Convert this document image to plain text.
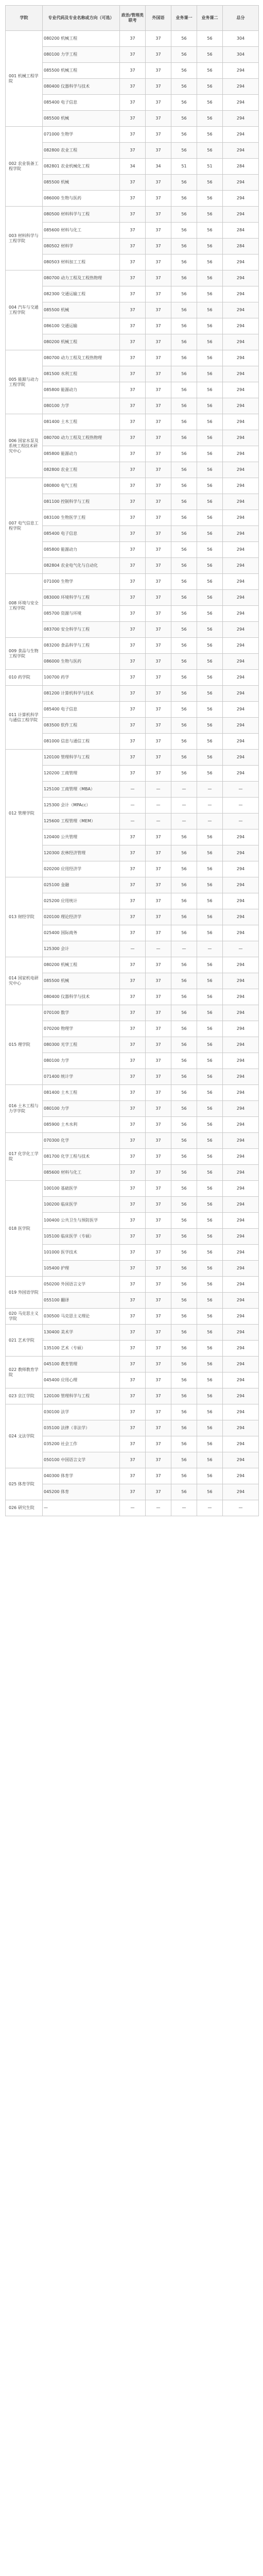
学院	专业代码及专业名称或方向（可选）	政治/管理类联考	外国语	业务课一	业务课二	总分
001 机械工程学院	080200 机械工程	37	37	56	56	304
	080100 力学工程	37	37	56	56	304
	085500 机械工程	37	37	56	56	294
	080400 仪器科学与技术	37	37	56	56	294
	085400 电子信息	37	37	56	56	294
	085500 机械	37	37	56	56	294
002 农业装备工程学院	071000 生物学	37	37	56	56	294
	082800 农业工程	37	37	56	56	294
	082801 农业机械化工程	34	34	51	51	284
	085500 机械	37	37	56	56	294
	086000 生物与医药	37	37	56	56	294
003 材料科学与工程学院	080500 材料科学与工程	37	37	56	56	294
	085600 材料与化工	37	37	56	56	284
	080502 材料学	37	37	56	56	284
	080503 材料加工工程	37	37	56	56	294
004 汽车与交通工程学院	080700 动力工程及工程热物理	37	37	56	56	294
	082300 交通运输工程	37	37	56	56	294
	085500 机械	37	37	56	56	294
	086100 交通运输	37	37	56	56	294
	080200 机械工程	37	37	56	56	294
005 能源与动力工程学院	080700 动力工程及工程热物理	37	37	56	56	294
	081500 水利工程	37	37	56	56	294
	085800 能源动力	37	37	56	56	294
	080100 力学	37	37	56	56	294
006 国家水泵及系统工程技术研究中心	081400 土木工程	37	37	56	56	294
	080700 动力工程及工程热物理	37	37	56	56	294
	085800 能源动力	37	37	56	56	294
	082800 农业工程	37	37	56	56	294
007 电气信息工程学院	080800 电气工程	37	37	56	56	294
	081100 控制科学与工程	37	37	56	56	294
	083100 生物医学工程	37	37	56	56	294
	085400 电子信息	37	37	56	56	294
	085800 能源动力	37	37	56	56	294
	082804 农业电气化与自动化	37	37	56	56	294
008 环境与安全工程学院	071000 生物学	37	37	56	56	294
	083000 环境科学与工程	37	37	56	56	294
	085700 资源与环境	37	37	56	56	294
	083700 安全科学与工程	37	37	56	56	294
009 食品与生物工程学院	083200 食品科学与工程	37	37	56	56	294
	086000 生物与医药	37	37	56	56	294
010 药学院	100700 药学	37	37	56	56	294
011 计算机科学与通信工程学院	081200 计算机科学与技术	37	37	56	56	294
	085400 电子信息	37	37	56	56	294
	083500 软件工程	37	37	56	56	294
	081000 信息与通信工程	37	37	56	56	294
012 管理学院	120100 管理科学与工程	37	37	56	56	294
	120200 工商管理	37	37	56	56	294
	125100 工商管理（MBA）	—	—	—	—	—
	125300 会计（MPAcc）	—	—	—	—	—
	125600 工程管理（MEM）	—	—	—	—	—
	120400 公共管理	37	37	56	56	294
	120300 农林经济管理	37	37	56	56	294
	020200 应用经济学	37	37	56	56	294
013 财经学院	025100 金融	37	37	56	56	294
	025200 应用统计	37	37	56	56	294
	020100 理论经济学	37	37	56	56	294
	025400 国际商务	37	37	56	56	294
	125300 会计	—	—	—	—	—
014 国家机电研究中心	080200 机械工程	37	37	56	56	294
	085500 机械	37	37	56	56	294
	080400 仪器科学与技术	37	37	56	56	294
015 理学院	070100 数学	37	37	56	56	294
	070200 物理学	37	37	56	56	294
	080300 光学工程	37	37	56	56	294
	080100 力学	37	37	56	56	294
	071400 统计学	37	37	56	56	294
016 土木工程与力学学院	081400 土木工程	37	37	56	56	294
	080100 力学	37	37	56	56	294
	085900 土木水利	37	37	56	56	294
017 化学化工学院	070300 化学	37	37	56	56	294
	081700 化学工程与技术	37	37	56	56	294
	085600 材料与化工	37	37	56	56	294
018 医学院	100100 基础医学	37	37	56	56	294
	100200 临床医学	37	37	56	56	294
	100400 公共卫生与预防医学	37	37	56	56	294
	105100 临床医学（专硕）	37	37	56	56	294
	101000 医学技术	37	37	56	56	294
	105400 护理	37	37	56	56	294
019 外国语学院	050200 外国语言文学	37	37	56	56	294
	055100 翻译	37	37	56	56	294
020 马克思主义学院	030500 马克思主义理论	37	37	56	56	294
021 艺术学院	130400 美术学	37	37	56	56	294
	135100 艺术（专硕）	37	37	56	56	294
022 教师教育学院	045100 教育管理	37	37	56	56	294
	045400 应用心理	37	37	56	56	294
023 京江学院	120100 管理科学与工程	37	37	56	56	294
024 文法学院	030100 法学	37	37	56	56	294
	035100 法律（非法学）	37	37	56	56	294
	035200 社会工作	37	37	56	56	294
	050100 中国语言文学	37	37	56	56	294
025 体育学院	040300 体育学	37	37	56	56	294
	045200 体育	37	37	56	56	294
026 研究生院	—	—	—	—	—	—
